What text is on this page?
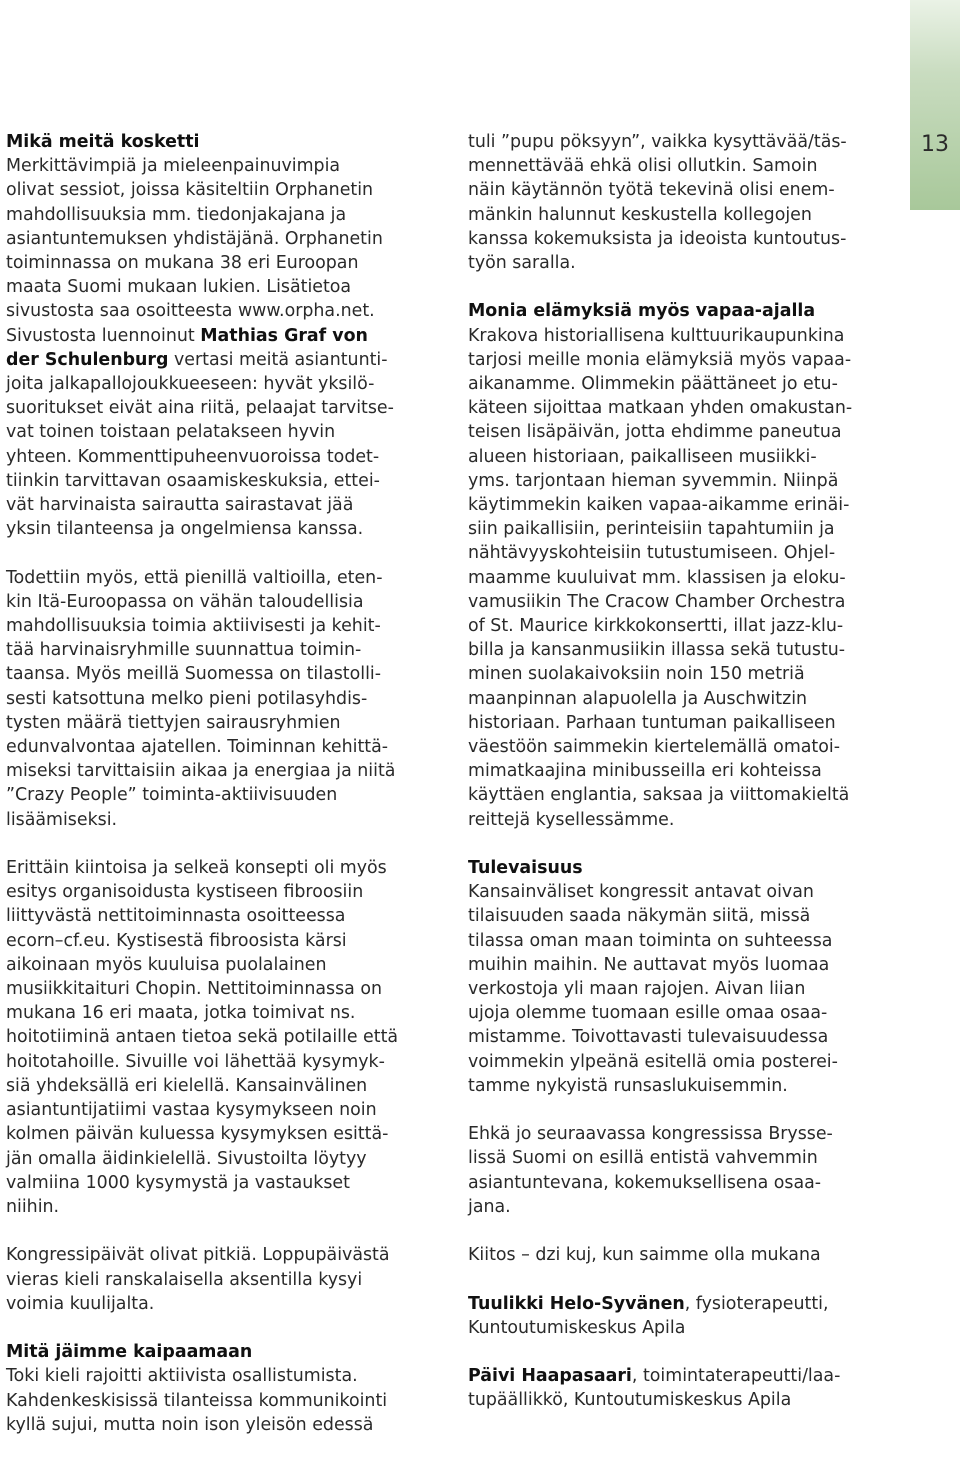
13
Mikä meitä kosketti

Merkittävimpiä ja mieleenpainuvimpia
olivat sessiot, joissa käsiteltiin Orphanetin
mahdollisuuksia mm. tiedonjakajana ja
asiantuntemuksen yhdistäjänä. Orphanetin
toiminnassa on mukana 38 eri Euroopan
maata Suomi mukaan lukien. Lisätietoa
sivustosta saa osoitteesta www.orpha.net.
Sivustosta luennoinut Mathias Graf von
der Schulenburg vertasi meitä asiantunti-
joita jalkapallojoukkueeseen: hyvät yksilö-
suoritukset eivät aina riitä, pelaajat tarvitse-
vat toinen toistaan pelatakseen hyvin
yhteen. Kommenttipuheenvuoroissa todet-
tiinkin tarvittavan osaamiskeskuksia, ettei-
vät harvinaista sairautta sairastavat jää
yksin tilanteensa ja ongelmiensa kanssa.

Todettiin myös, että pienillä valtioilla, eten-
kin Itä-Euroopassa on vähän taloudellisia
mahdollisuuksia toimia aktiivisesti ja kehit-
tää harvinaisryhmille suunnattua toimin-
taansa. Myös meillä Suomessa on tilastolli-
sesti katsottuna melko pieni potilasyhdis-
tysten määrä tiettyjen sairausryhmien
edunvalvontaa ajatellen. Toiminnan kehittä-
miseksi tarvittaisiin aikaa ja energiaa ja niitä
”Crazy People” toiminta-aktiivisuuden
lisäämiseksi.

Erittäin kiintoisa ja selkeä konsepti oli myös
esitys organisoidusta kystiseen fibroosiin
liittyvästä nettitoiminnasta osoitteessa
ecorn–cf.eu. Kystisestä fibroosista kärsi
aikoinaan myös kuuluisa puolalainen
musiikkitaituri Chopin. Nettitoiminnassa on
mukana 16 eri maata, jotka toimivat ns.
hoitotiiminä antaen tietoa sekä potilaille että
hoitotahoille. Sivuille voi lähettää kysymyk-
siä yhdeksällä eri kielellä. Kansainvälinen
asiantuntijatiimi vastaa kysymykseen noin
kolmen päivän kuluessa kysymyksen esittä-
jän omalla äidinkielellä. Sivustoilta löytyy
valmiina 1000 kysymystä ja vastaukset
niihin.

Kongressipäivät olivat pitkiä. Loppupäivästä
vieras kieli ranskalaisella aksentilla kysyi
voimia kuulijalta.

Mitä jäimme kaipaamaan

Toki kieli rajoitti aktiivista osallistumista.
Kahdenkeskisissä tilanteissa kommunikointi
kyllä sujui, mutta noin ison yleisön edessä

tuli ”pupu pöksyyn”, vaikka kysyttävää/täs-
mennettävää ehkä olisi ollutkin. Samoin
näin käytännön työtä tekevinä olisi enem-
mänkin halunnut keskustella kollegojen
kanssa kokemuksista ja ideoista kuntoutus-
työn saralla.

Monia elämyksiä myös vapaa-ajalla

Krakova historiallisena kulttuurikaupunkina
tarjosi meille monia elämyksiä myös vapaa-
aikanamme. Olimmekin päättäneet jo etu-
käteen sijoittaa matkaan yhden omakustan-
teisen lisäpäivän, jotta ehdimme paneutua
alueen historiaan, paikalliseen musiikki-
yms. tarjontaan hieman syvemmin. Niinpä
käytimmekin kaiken vapaa-aikamme erinäi-
siin paikallisiin, perinteisiin tapahtumiin ja
nähtävyyskohteisiin tutustumiseen. Ohjel-
maamme kuuluivat mm. klassisen ja eloku-
vamusiikin The Cracow Chamber Orchestra
of St. Maurice kirkkokonsertti, illat jazz-klu-
billa ja kansanmusiikin illassa sekä tutustu-
minen suolakaivoksiin noin 150 metriä
maanpinnan alapuolella ja Auschwitzin
historiaan. Parhaan tuntuman paikalliseen
väestöön saimmekin kiertelemällä omatoi-
mimatkaajina minibusseilla eri kohteissa
käyttäen englantia, saksaa ja viittomakieltä
reittejä kysellessämme.

Tulevaisuus

Kansainväliset kongressit antavat oivan
tilaisuuden saada näkymän siitä, missä
tilassa oman maan toiminta on suhteessa
muihin maihin. Ne auttavat myös luomaa
verkostoja yli maan rajojen. Aivan liian
ujoja olemme tuomaan esille omaa osaa-
mistamme. Toivottavasti tulevaisuudessa
voimmekin ylpeänä esitellä omia posterei-
tamme nykyistä runsaslukuisemmin.

Ehkä jo seuraavassa kongressissa Brysse-
lissä Suomi on esillä entistä vahvemmin
asiantuntevana, kokemuksellisena osaa-
jana.

Kiitos – dzi kuj, kun saimme olla mukana

Tuulikki Helo-Syvänen, fysioterapeutti,
Kuntoutumiskeskus Apila

Päivi Haapasaari, toimintaterapeutti/laa-
tupäällikkö, Kuntoutumiskeskus Apila
